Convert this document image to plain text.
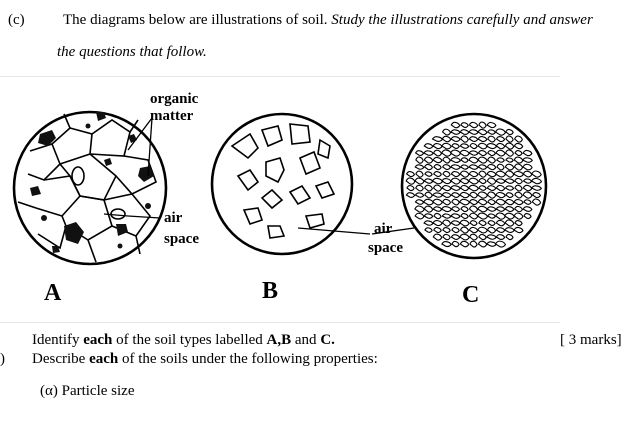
(c)	The diagrams below are illustrations of soil. Study the illustrations carefully and answer
the questions that follow.
organic
matter
air
space
A	B
air
space
C
Identify each of the soil types labelled A,B and C.	[ 3 marks]
) Describe each of the soils under the following properties:
(α) Particle size
